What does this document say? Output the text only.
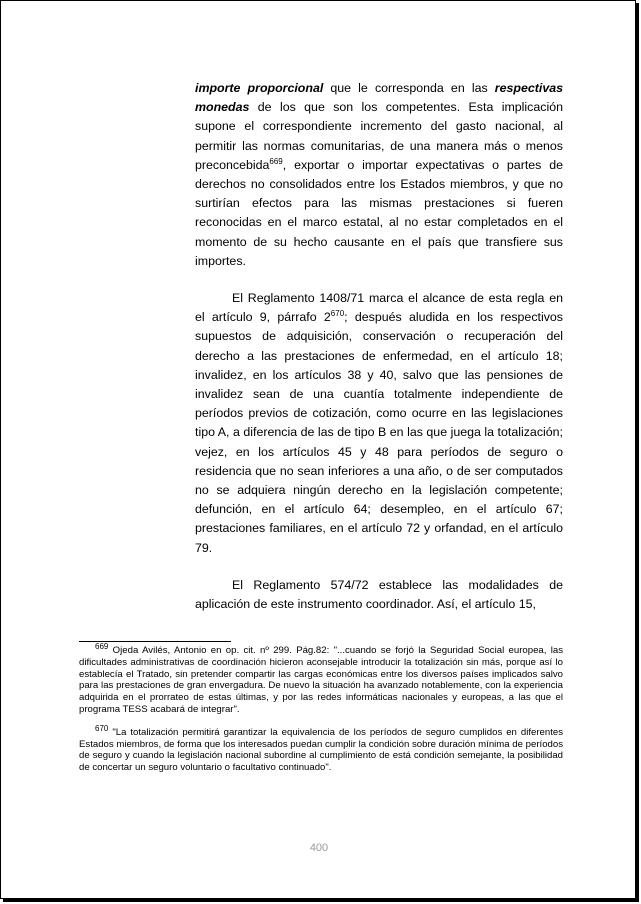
importe proporcional que le corresponda en las respectivas monedas de los que son los competentes. Esta implicación supone el correspondiente incremento del gasto nacional, al permitir las normas comunitarias, de una manera más o menos preconcebida$^{669}$, exportar o importar expectativas o partes de derechos no consolidados entre los Estados miembros, y que no surtirían efectos para las mismas prestaciones si fueren reconocidas en el marco estatal, al no estar completados en el momento de su hecho causante en el país que transfiere sus importes.

El Reglamento 1408/71 marca el alcance de esta regla en el artículo 9, párrafo $2^{670}$; después aludida en los respectivos supuestos de adquisición, conservación o recuperación del derecho a las prestaciones de enfermedad, en el artículo 18; invalidez, en los artículos 38 y 40, salvo que las pensiones de invalidez sean de una cuantía totalmente independiente de períodos previos de cotización, como ocurre en las legislaciones tipo A, a diferencia de las de tipo B en las que juega la totalización; vejez, en los artículos 45 y 48 para períodos de seguro o residencia que no sean inferiores a una año, o de ser computados no se adquiera ningún derecho en la legislación competente; defunción, en el artículo 64; desempleo, en el artículo 67; prestaciones familiares, en el artículo 72 y orfandad, en el artículo 79.

El Reglamento 574/72 establece las modalidades de aplicación de este instrumento coordinador. Así, el artículo 15,

$^{669}$ Ojeda Avilés, Antonio en op. cit. nº 299. Pág.82: "...cuando se forjó la Seguridad Social europea, las dificultades administrativas de coordinación hicieron aconsejable introducir la totalización sin más, porque así lo establecía el Tratado, sin pretender compartir las cargas económicas entre los diversos países implicados salvo para las prestaciones de gran envergadura. De nuevo la situación ha avanzado notablemente, con la experiencia adquirida en el prorrateo de estas últimas, y por las redes informáticas nacionales y europeas, a las que el programa TESS acabará de integrar".

$^{670}$ "La totalización permitirá garantizar la equivalencia de los períodos de seguro cumplidos en diferentes Estados miembros, de forma que los interesados puedan cumplir la condición sobre duración mínima de períodos de seguro y cuando la legislación nacional subordine al cumplimiento de está condición semejante, la posibilidad de concertar un seguro voluntario o facultativo continuado".

400
